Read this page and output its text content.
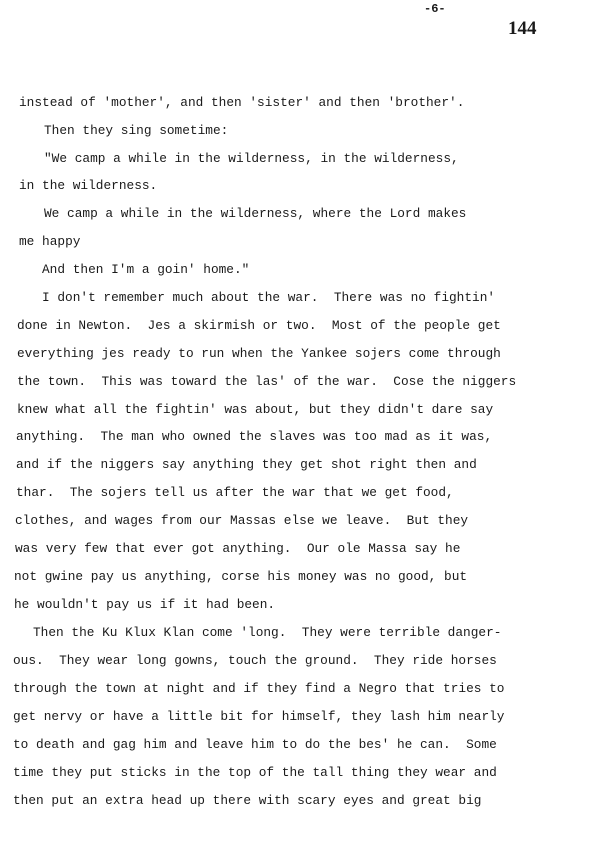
-6-
144
instead of 'mother', and then 'sister' and then 'brother'.
Then they sing sometime:
"We camp a while in the wilderness, in the wilderness,
in the wilderness.
We camp a while in the wilderness, where the Lord makes
me happy
And then I'm a goin' home."
I don't remember much about the war.  There was no fightin'
done in Newton.  Jes a skirmish or two.  Most of the people get
everything jes ready to run when the Yankee sojers come through
the town.  This was toward the las' of the war.  Cose the niggers
knew what all the fightin' was about, but they didn't dare say
anything.  The man who owned the slaves was too mad as it was,
and if the niggers say anything they get shot right then and
thar.  The sojers tell us after the war that we get food,
clothes, and wages from our Massas else we leave.  But they
was very few that ever got anything.  Our ole Massa say he
not gwine pay us anything, corse his money was no good, but
he wouldn't pay us if it had been.
Then the Ku Klux Klan come 'long.  They were terrible danger-
ous.  They wear long gowns, touch the ground.  They ride horses
through the town at night and if they find a Negro that tries to
get nervy or have a little bit for himself, they lash him nearly
to death and gag him and leave him to do the bes' he can.  Some
time they put sticks in the top of the tall thing they wear and
then put an extra head up there with scary eyes and great big
